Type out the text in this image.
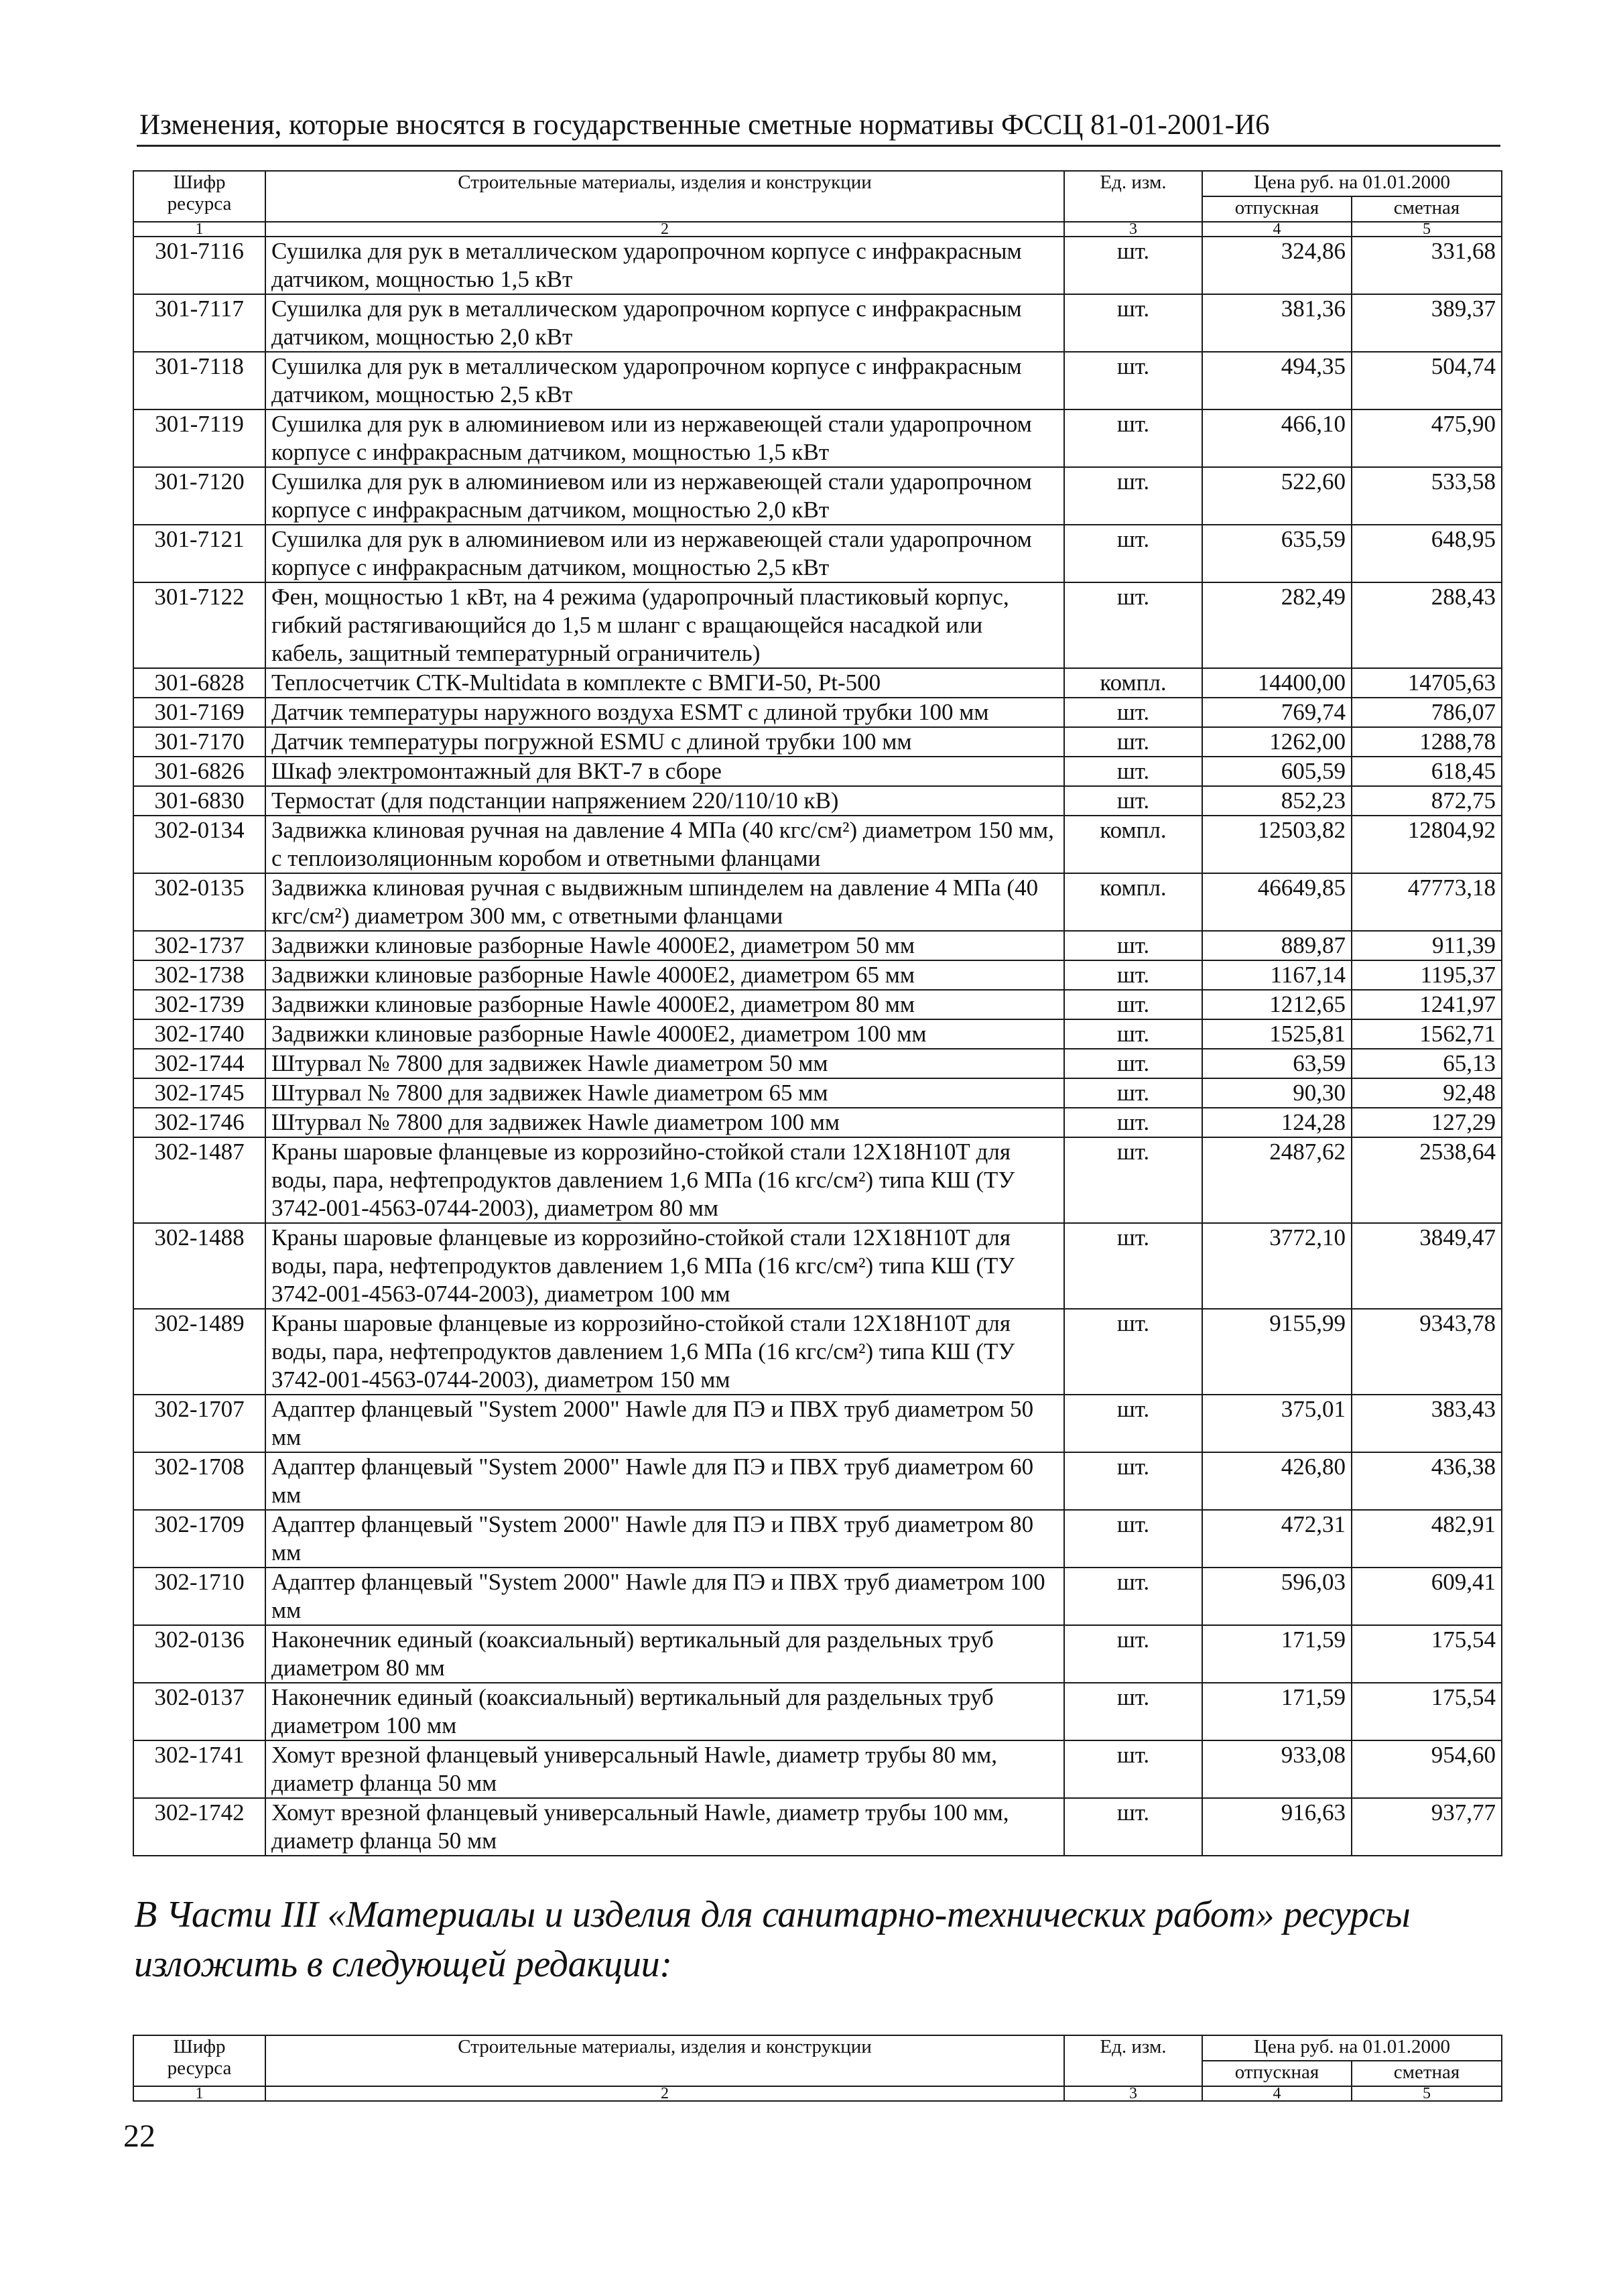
Изменения, которые вносятся в государственные сметные нормативы ФССЦ 81-01-2001-И6
Шифр ресурса	Строительные материалы, изделия и конструкции	Ед. изм.	Цена руб. на 01.01.2000	
			отпускная	сметная
1	2	3	4	5
301-7116	Сушилка для рук в металлическом ударопрочном корпусе с инфракрасным датчиком, мощностью 1,5 кВт	шт.	324,86	331,68
301-7117	Сушилка для рук в металлическом ударопрочном корпусе с инфракрасным датчиком, мощностью 2,0 кВт	шт.	381,36	389,37
301-7118	Сушилка для рук в металлическом ударопрочном корпусе с инфракрасным датчиком, мощностью 2,5 кВт	шт.	494,35	504,74
301-7119	Сушилка для рук в алюминиевом или из нержавеющей стали ударопрочном корпусе с инфракрасным датчиком, мощностью 1,5 кВт	шт.	466,10	475,90
301-7120	Сушилка для рук в алюминиевом или из нержавеющей стали ударопрочном корпусе с инфракрасным датчиком, мощностью 2,0 кВт	шт.	522,60	533,58
301-7121	Сушилка для рук в алюминиевом или из нержавеющей стали ударопрочном корпусе с инфракрасным датчиком, мощностью 2,5 кВт	шт.	635,59	648,95
301-7122	Фен, мощностью 1 кВт, на 4 режима (ударопрочный пластиковый корпус, гибкий растягивающийся до 1,5 м шланг с вращающейся насадкой или кабель, защитный температурный ограничитель)	шт.	282,49	288,43
301-6828	Теплосчетчик СТК-Multidata в комплекте с ВМГИ-50, Pt-500	компл.	14400,00	14705,63
301-7169	Датчик температуры наружного воздуха ESMT с длиной трубки 100 мм	шт.	769,74	786,07
301-7170	Датчик температуры погружной ESMU с длиной трубки 100 мм	шт.	1262,00	1288,78
301-6826	Шкаф электромонтажный для ВКТ-7 в сборе	шт.	605,59	618,45
301-6830	Термостат (для подстанции напряжением 220/110/10 кВ)	шт.	852,23	872,75
302-0134	Задвижка клиновая ручная на давление 4 МПа (40 кгс/см²) диаметром 150 мм, с теплоизоляционным коробом и ответными фланцами	компл.	12503,82	12804,92
302-0135	Задвижка клиновая ручная с выдвижным шпинделем на давление 4 МПа (40 кгс/см²) диаметром 300 мм, с ответными фланцами	компл.	46649,85	47773,18
302-1737	Задвижки клиновые разборные Hawle 4000E2, диаметром 50 мм	шт.	889,87	911,39
302-1738	Задвижки клиновые разборные Hawle 4000E2, диаметром 65 мм	шт.	1167,14	1195,37
302-1739	Задвижки клиновые разборные Hawle 4000E2, диаметром 80 мм	шт.	1212,65	1241,97
302-1740	Задвижки клиновые разборные Hawle 4000E2, диаметром 100 мм	шт.	1525,81	1562,71
302-1744	Штурвал № 7800 для задвижек Hawle диаметром 50 мм	шт.	63,59	65,13
302-1745	Штурвал № 7800 для задвижек Hawle диаметром 65 мм	шт.	90,30	92,48
302-1746	Штурвал № 7800 для задвижек Hawle диаметром 100 мм	шт.	124,28	127,29
302-1487	Краны шаровые фланцевые из коррозийно-стойкой стали 12Х18Н10Т для воды, пара, нефтепродуктов давлением 1,6 МПа (16 кгс/см²) типа КШ (ТУ 3742-001-4563-0744-2003), диаметром 80 мм	шт.	2487,62	2538,64
302-1488	Краны шаровые фланцевые из коррозийно-стойкой стали 12Х18Н10Т для воды, пара, нефтепродуктов давлением 1,6 МПа (16 кгс/см²) типа КШ (ТУ 3742-001-4563-0744-2003), диаметром 100 мм	шт.	3772,10	3849,47
302-1489	Краны шаровые фланцевые из коррозийно-стойкой стали 12Х18Н10Т для воды, пара, нефтепродуктов давлением 1,6 МПа (16 кгс/см²) типа КШ (ТУ 3742-001-4563-0744-2003), диаметром 150 мм	шт.	9155,99	9343,78
302-1707	Адаптер фланцевый "System 2000" Hawle для ПЭ и ПВХ труб диаметром 50 мм	шт.	375,01	383,43
302-1708	Адаптер фланцевый "System 2000" Hawle для ПЭ и ПВХ труб диаметром 60 мм	шт.	426,80	436,38
302-1709	Адаптер фланцевый "System 2000" Hawle для ПЭ и ПВХ труб диаметром 80 мм	шт.	472,31	482,91
302-1710	Адаптер фланцевый "System 2000" Hawle для ПЭ и ПВХ труб диаметром 100 мм	шт.	596,03	609,41
302-0136	Наконечник единый (коаксиальный) вертикальный для раздельных труб диаметром 80 мм	шт.	171,59	175,54
302-0137	Наконечник единый (коаксиальный) вертикальный для раздельных труб диаметром 100 мм	шт.	171,59	175,54
302-1741	Хомут врезной фланцевый универсальный Hawle, диаметр трубы 80 мм, диаметр фланца 50 мм	шт.	933,08	954,60
302-1742	Хомут врезной фланцевый универсальный Hawle, диаметр трубы 100 мм, диаметр фланца 50 мм	шт.	916,63	937,77
В Части III «Материалы и изделия для санитарно-технических работ» ресурсы изложить в следующей редакции:
Шифр ресурса	Строительные материалы, изделия и конструкции	Ед. изм.	Цена руб. на 01.01.2000	
			отпускная	сметная
1	2	3	4	5
22
